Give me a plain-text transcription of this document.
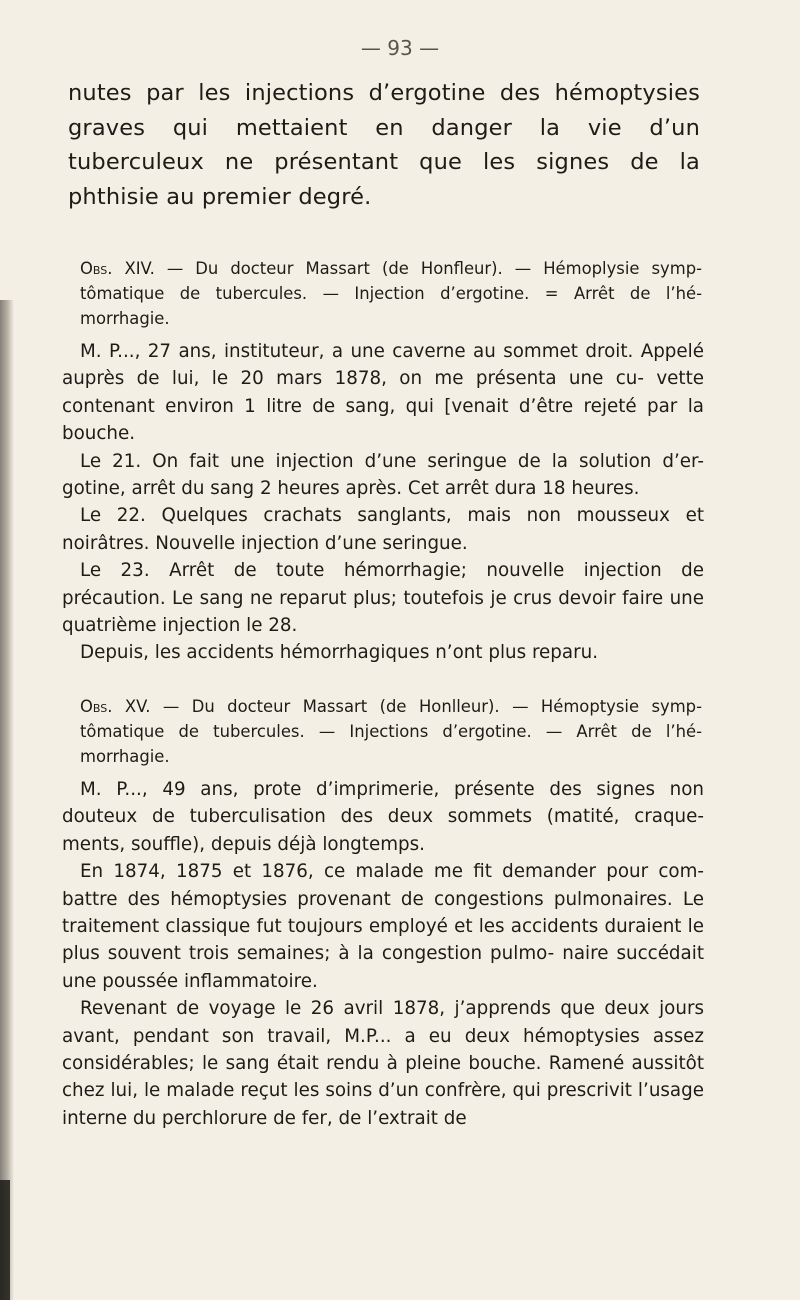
— 93 —

nutes par les injections d’ergotine des hémoptysies graves qui mettaient en danger la vie d’un tuberculeux ne présentant que les signes de la phthisie au premier degré.

Obs. XIV. — Du docteur Massart (de Honfleur). — Hémoplysie symp- tômatique de tubercules. — Injection d’ergotine. = Arrêt de l’hé- morrhagie.

M. P..., 27 ans, instituteur, a une caverne au sommet droit. Appelé auprès de lui, le 20 mars 1878, on me présenta une cu- vette contenant environ 1 litre de sang, qui [venait d’être rejeté par la bouche.

Le 21. On fait une injection d’une seringue de la solution d’er- gotine, arrêt du sang 2 heures après. Cet arrêt dura 18 heures.

Le 22. Quelques crachats sanglants, mais non mousseux et noirâtres. Nouvelle injection d’une seringue.

Le 23. Arrêt de toute hémorrhagie; nouvelle injection de précaution. Le sang ne reparut plus; toutefois je crus devoir faire une quatrième injection le 28.

Depuis, les accidents hémorrhagiques n’ont plus reparu.

Obs. XV. — Du docteur Massart (de Honlleur). — Hémoptysie symp- tômatique de tubercules. — Injections d’ergotine. — Arrêt de l’hé- morrhagie.

M. P..., 49 ans, prote d’imprimerie, présente des signes non douteux de tuberculisation des deux sommets (matité, craque- ments, souffle), depuis déjà longtemps.

En 1874, 1875 et 1876, ce malade me fit demander pour com- battre des hémoptysies provenant de congestions pulmonaires. Le traitement classique fut toujours employé et les accidents duraient le plus souvent trois semaines; à la congestion pulmo- naire succédait une poussée inflammatoire.

Revenant de voyage le 26 avril 1878, j’apprends que deux jours avant, pendant son travail, M.P... a eu deux hémoptysies assez considérables; le sang était rendu à pleine bouche. Ramené aussitôt chez lui, le malade reçut les soins d’un confrère, qui prescrivit l’usage interne du perchlorure de fer, de l’extrait de
